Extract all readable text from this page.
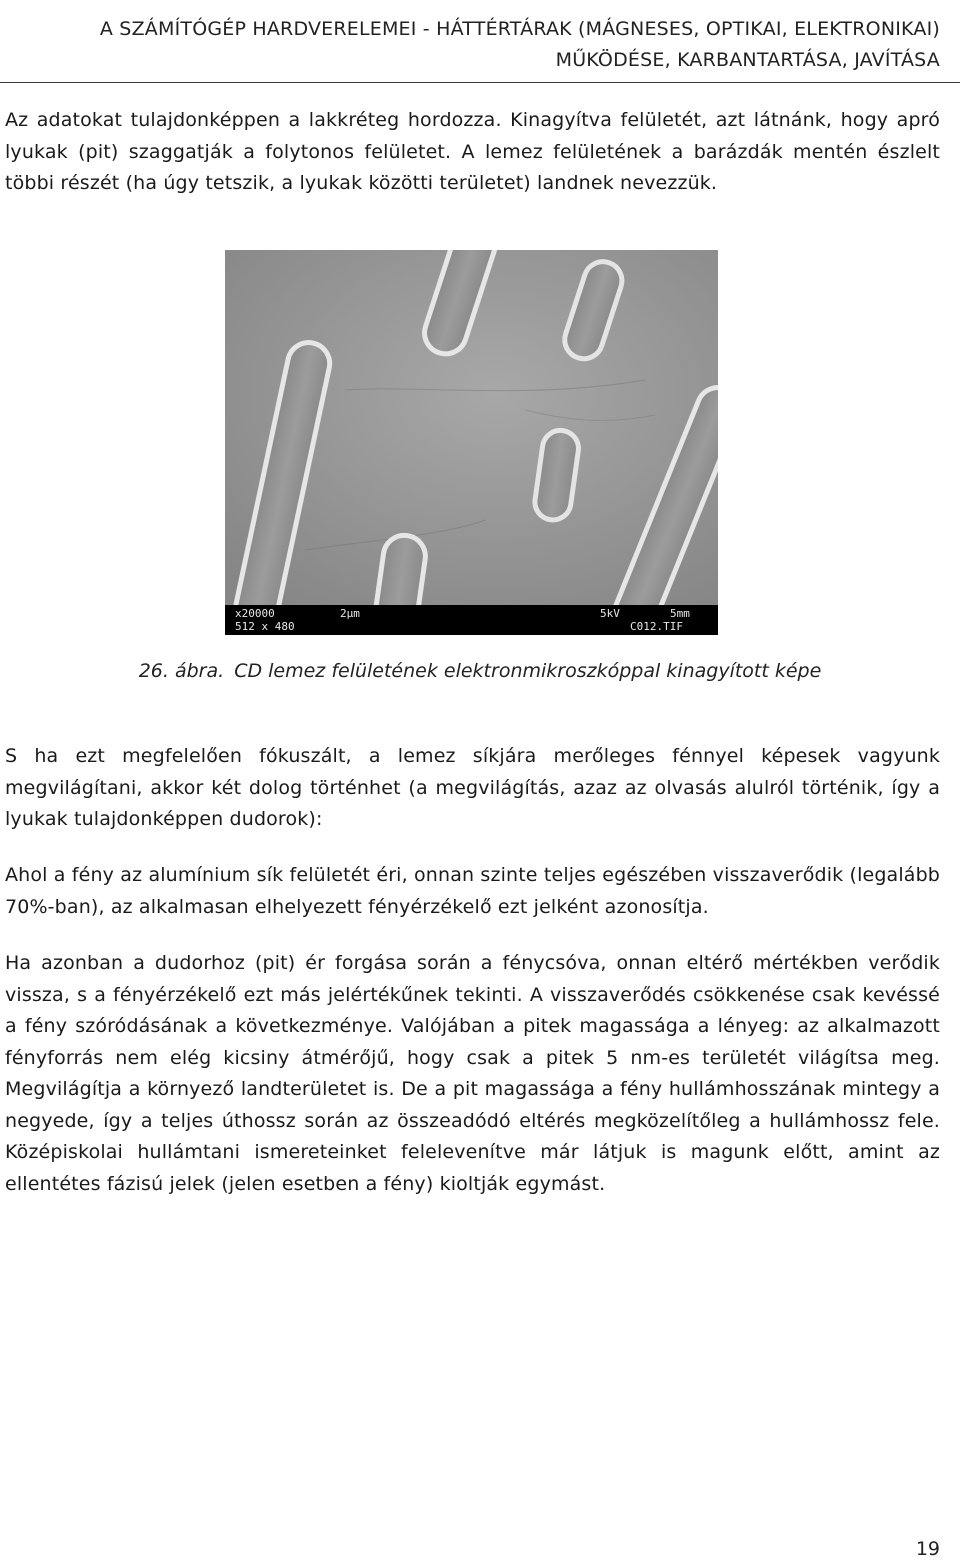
A SZÁMÍTÓGÉP HARDVERELEMEI - HÁTTÉRTÁRAK (MÁGNESES, OPTIKAI, ELEKTRONIKAI)
MŰKÖDÉSE, KARBANTARTÁSA, JAVÍTÁSA

Az adatokat tulajdonképpen a lakkréteg hordozza. Kinagyítva felületét, azt látnánk, hogy apró lyukak (pit) szaggatják a folytonos felületet. A lemez felületének a barázdák mentén észlelt többi részét (ha úgy tetszik, a lyukak közötti területet) landnek nevezzük.

x20000	2µm	5kV	5mm
512 x 480	C012.TIF
26. ábra. CD lemez felületének elektronmikroszkóppal kinagyított képe

S ha ezt megfelelően fókuszált, a lemez síkjára merőleges fénnyel képesek vagyunk megvilágítani, akkor két dolog történhet (a megvilágítás, azaz az olvasás alulról történik, így a lyukak tulajdonképpen dudorok):

Ahol a fény az alumínium sík felületét éri, onnan szinte teljes egészében visszaverődik (legalább 70%-ban), az alkalmasan elhelyezett fényérzékelő ezt jelként azonosítja.

Ha azonban a dudorhoz (pit) ér forgása során a fénycsóva, onnan eltérő mértékben verődik vissza, s a fényérzékelő ezt más jelértékűnek tekinti. A visszaverődés csökkenése csak kevéssé a fény szóródásának a következménye. Valójában a pitek magassága a lényeg: az alkalmazott fényforrás nem elég kicsiny átmérőjű, hogy csak a pitek 5 nm-es területét világítsa meg. Megvilágítja a környező landterületet is. De a pit magassága a fény hullámhosszának mintegy a negyede, így a teljes úthossz során az összeadódó eltérés megközelítőleg a hullámhossz fele. Középiskolai hullámtani ismereteinket felelevenítve már látjuk is magunk előtt, amint az ellentétes fázisú jelek (jelen esetben a fény) kioltják egymást.

19
